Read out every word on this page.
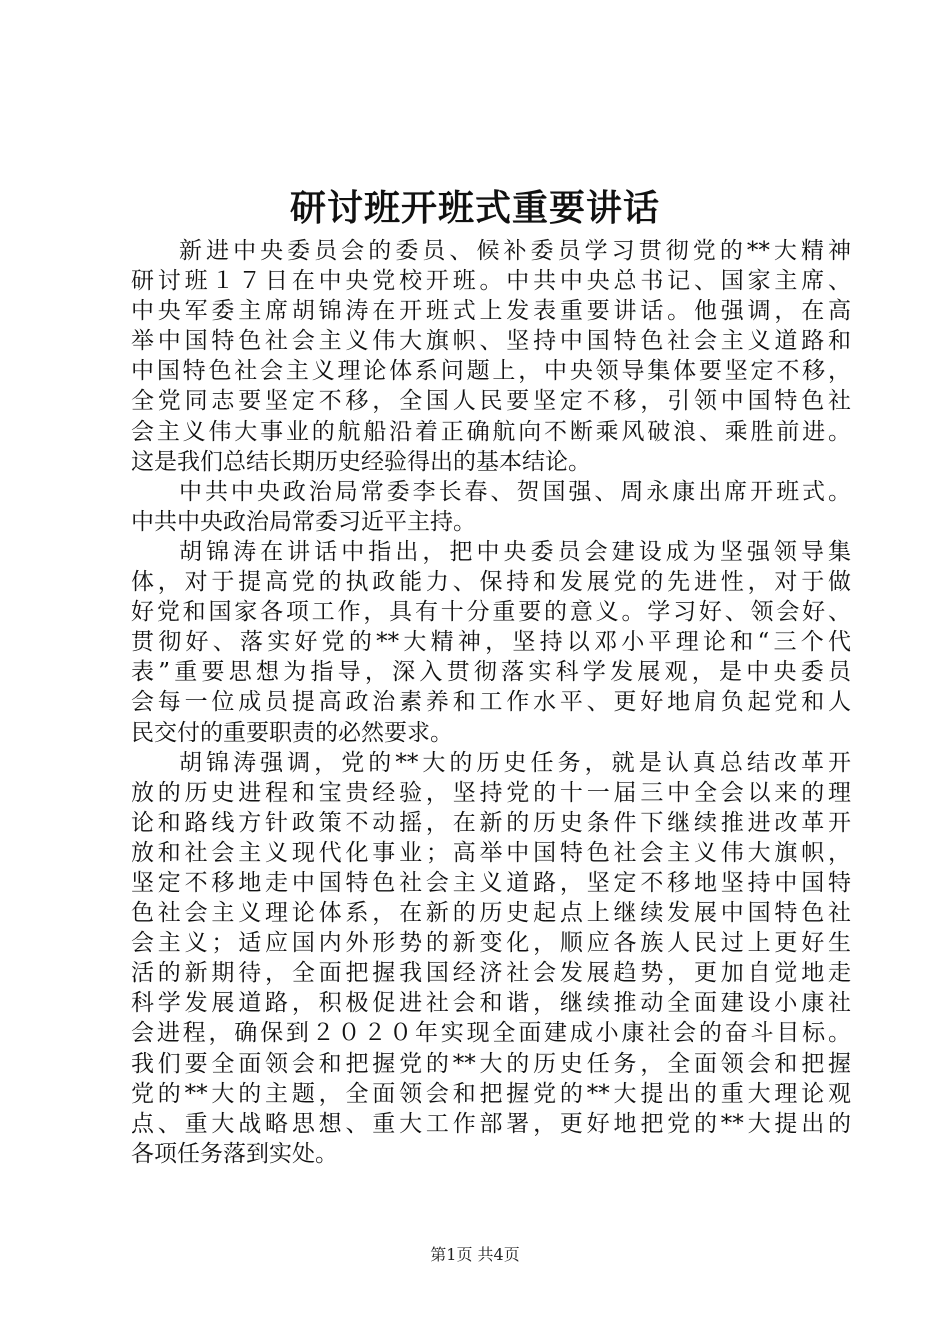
研讨班开班式重要讲话
新进中央委员会的委员、候补委员学习贯彻党的**大精神
研讨班１７日在中央党校开班。中共中央总书记、国家主席、
中央军委主席胡锦涛在开班式上发表重要讲话。他强调，在高
举中国特色社会主义伟大旗帜、坚持中国特色社会主义道路和
中国特色社会主义理论体系问题上，中央领导集体要坚定不移，
全党同志要坚定不移，全国人民要坚定不移，引领中国特色社
会主义伟大事业的航船沿着正确航向不断乘风破浪、乘胜前进。
这是我们总结长期历史经验得出的基本结论。
中共中央政治局常委李长春、贺国强、周永康出席开班式。
中共中央政治局常委习近平主持。
胡锦涛在讲话中指出，把中央委员会建设成为坚强领导集
体，对于提高党的执政能力、保持和发展党的先进性，对于做
好党和国家各项工作，具有十分重要的意义。学习好、领会好、
贯彻好、落实好党的**大精神，坚持以邓小平理论和“三个代
表”重要思想为指导，深入贯彻落实科学发展观，是中央委员
会每一位成员提高政治素养和工作水平、更好地肩负起党和人
民交付的重要职责的必然要求。
胡锦涛强调，党的**大的历史任务，就是认真总结改革开
放的历史进程和宝贵经验，坚持党的十一届三中全会以来的理
论和路线方针政策不动摇，在新的历史条件下继续推进改革开
放和社会主义现代化事业；高举中国特色社会主义伟大旗帜，
坚定不移地走中国特色社会主义道路，坚定不移地坚持中国特
色社会主义理论体系，在新的历史起点上继续发展中国特色社
会主义；适应国内外形势的新变化，顺应各族人民过上更好生
活的新期待，全面把握我国经济社会发展趋势，更加自觉地走
科学发展道路，积极促进社会和谐，继续推动全面建设小康社
会进程，确保到２０２０年实现全面建成小康社会的奋斗目标。
我们要全面领会和把握党的**大的历史任务，全面领会和把握
党的**大的主题，全面领会和把握党的**大提出的重大理论观
点、重大战略思想、重大工作部署，更好地把党的**大提出的
各项任务落到实处。
第1页 共4页
